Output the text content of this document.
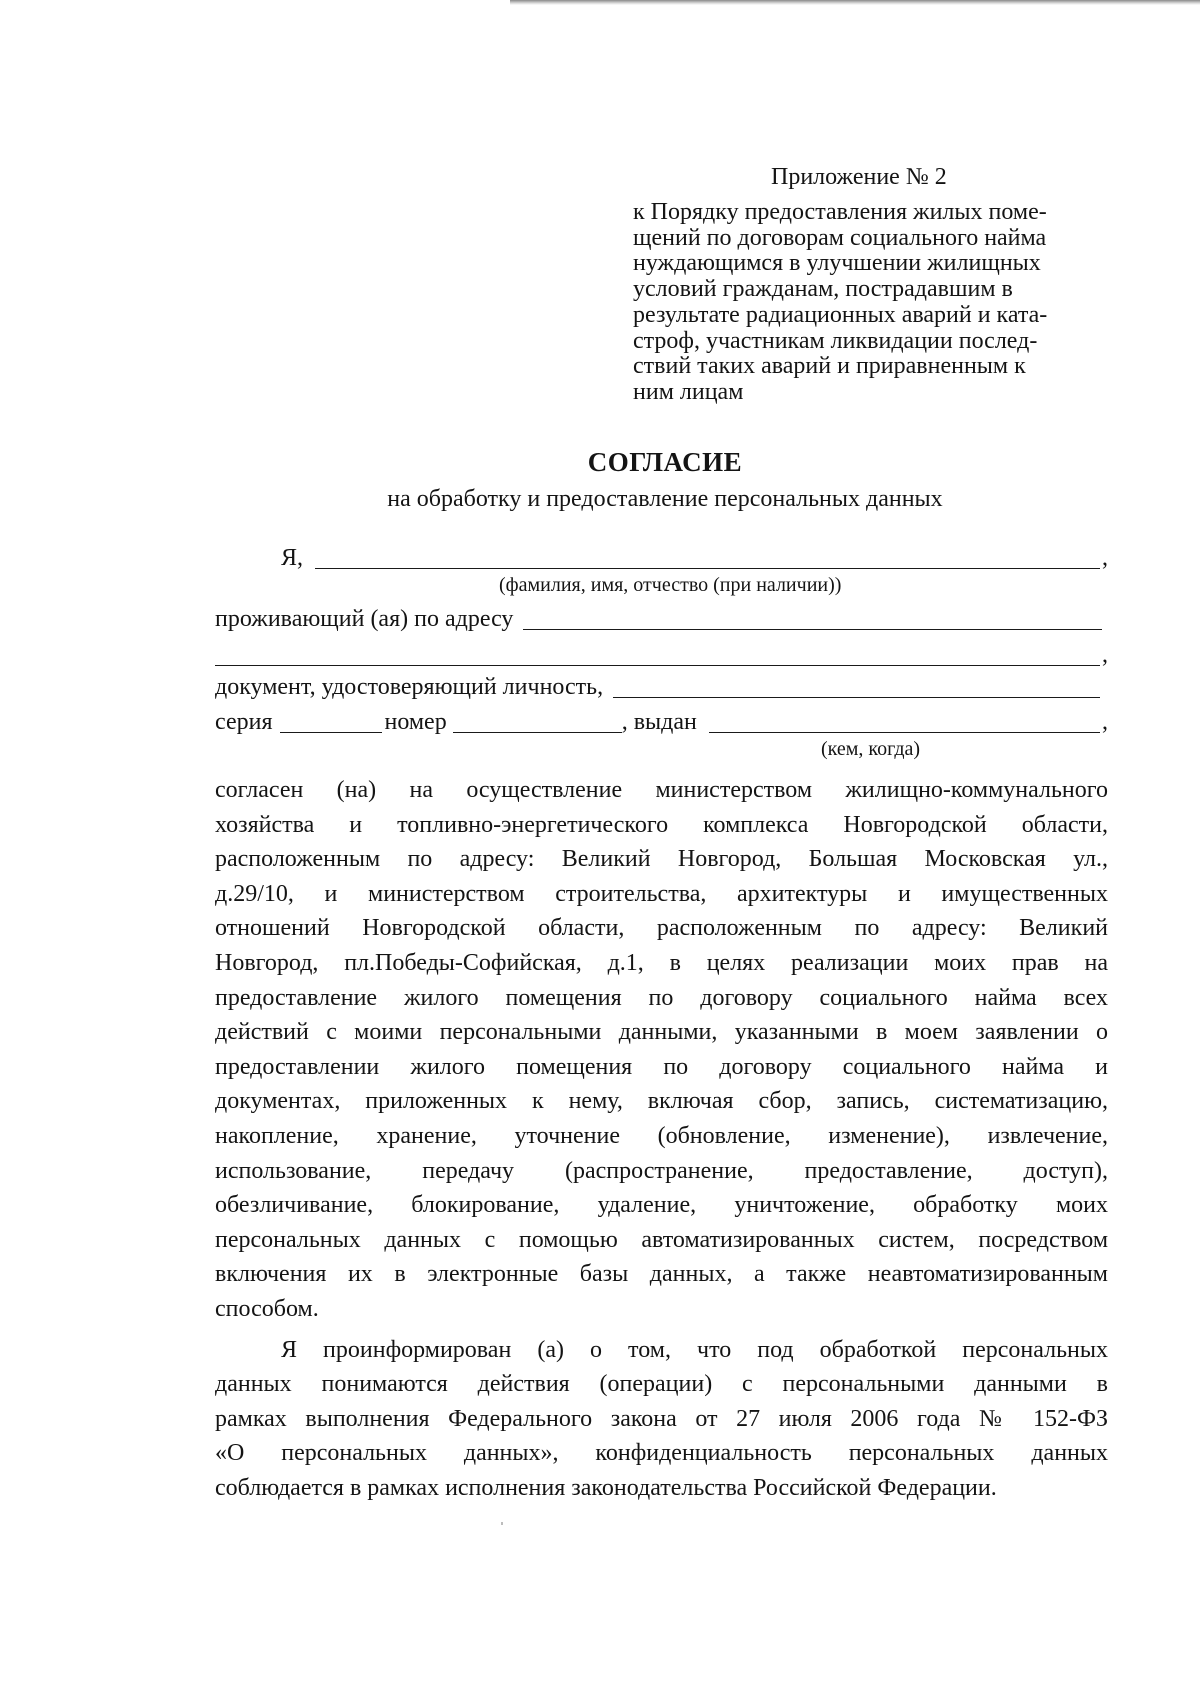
Приложение № 2
к Порядку предоставления жилых поме-
щений по договорам социального найма
нуждающимся в улучшении жилищных
условий гражданам, пострадавшим в
результате радиационных аварий и ката-
строф, участникам ликвидации послед-
ствий таких аварий и приравненным к
ним лицам
СОГЛАСИЕ
на обработку и предоставление персональных данных
Я,	,
(фамилия, имя, отчество (при наличии))
проживающий (ая) по адресу
,
документ, удостоверяющий личность,
серия	номер	, выдан	,
(кем, когда)

согласен (на) на осуществление министерством жилищно-коммунального
хозяйства и топливно-энергетического комплекса Новгородской области,
расположенным по адресу: Великий Новгород, Большая Московская ул.,
д.29/10, и министерством строительства, архитектуры и имущественных
отношений Новгородской области, расположенным по адресу: Великий
Новгород, пл.Победы-Софийская, д.1, в целях реализации моих прав на
предоставление жилого помещения по договору социального найма всех
действий с моими персональными данными, указанными в моем заявлении о
предоставлении жилого помещения по договору социального найма и
документах, приложенных к нему, включая сбор, запись, систематизацию,
накопление, хранение, уточнение (обновление, изменение), извлечение,
использование, передачу (распространение, предоставление, доступ),
обезличивание, блокирование, удаление, уничтожение, обработку моих
персональных данных с помощью автоматизированных систем, посредством
включения их в электронные базы данных, а также неавтоматизированным
способом.

Я проинформирован (а) о том, что под обработкой персональных
данных понимаются действия (операции) с персональными данными в
рамках выполнения Федерального закона от 27 июля 2006 года № 152-ФЗ
«О персональных данных», конфиденциальность персональных данных
соблюдается в рамках исполнения законодательства Российской Федерации.
